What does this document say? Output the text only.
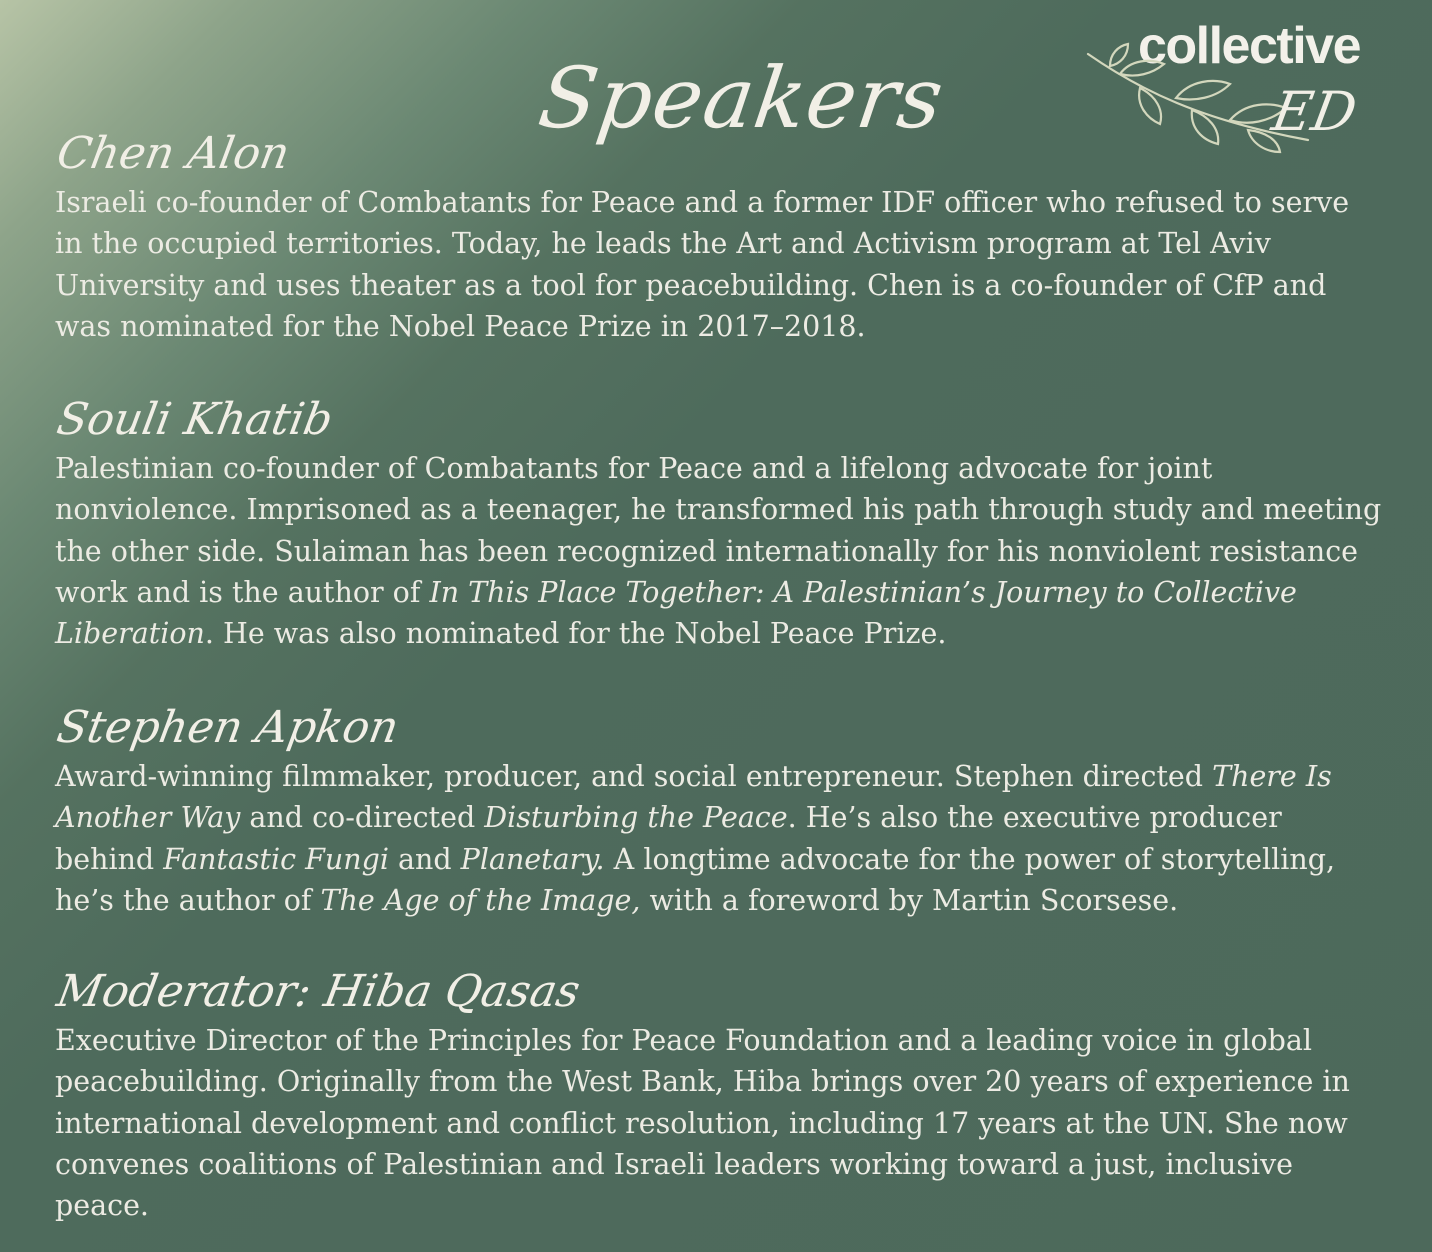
Speakers
collective
ED
Chen Alon

Israeli co-founder of Combatants for Peace and a former IDF officer who refused to serve in the occupied territories. Today, he leads the Art and Activism program at Tel Aviv University and uses theater as a tool for peacebuilding. Chen is a co-founder of CfP and was nominated for the Nobel Peace Prize in 2017–2018.

Souli Khatib

Palestinian co-founder of Combatants for Peace and a lifelong advocate for joint nonviolence. Imprisoned as a teenager, he transformed his path through study and meeting the other side. Sulaiman has been recognized internationally for his nonviolent resistance work and is the author of In This Place Together: A Palestinian’s Journey to Collective Liberation. He was also nominated for the Nobel Peace Prize.

Stephen Apkon

Award-winning filmmaker, producer, and social entrepreneur. Stephen directed There Is Another Way and co-directed Disturbing the Peace. He’s also the executive producer behind Fantastic Fungi and Planetary. A longtime advocate for the power of storytelling, he’s the author of The Age of the Image, with a foreword by Martin Scorsese.

Moderator: Hiba Qasas

Executive Director of the Principles for Peace Foundation and a leading voice in global peacebuilding. Originally from the West Bank, Hiba brings over 20 years of experience in international development and conflict resolution, including 17 years at the UN. She now convenes coalitions of Palestinian and Israeli leaders working toward a just, inclusive peace.
